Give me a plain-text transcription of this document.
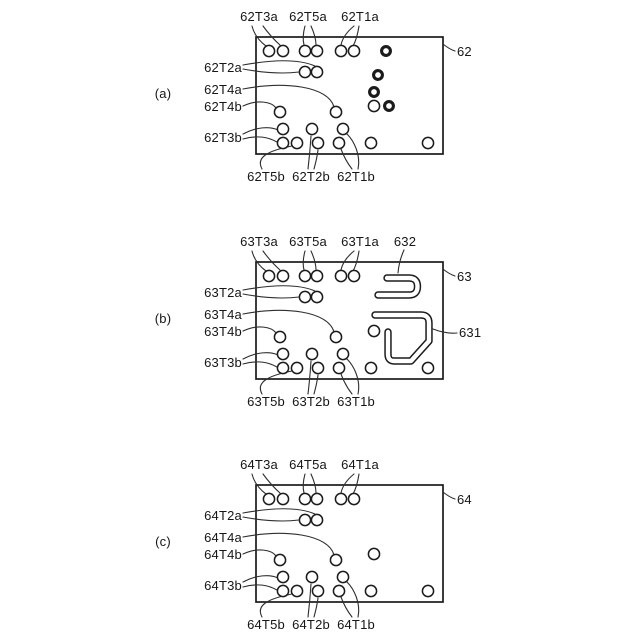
(a)
62
62T3a 62T5a 62T1a
62T2a
62T4a
62T4b
62T3b
62T5b 62T2b 62T1b
(b)
63
632
631
63T3a 63T5a 63T1a
63T2a
63T4a
63T4b
63T3b
63T5b 63T2b 63T1b
(c)
64
64T3a 64T5a 64T1a
64T2a
64T4a
64T4b
64T3b
64T5b 64T2b 64T1b
